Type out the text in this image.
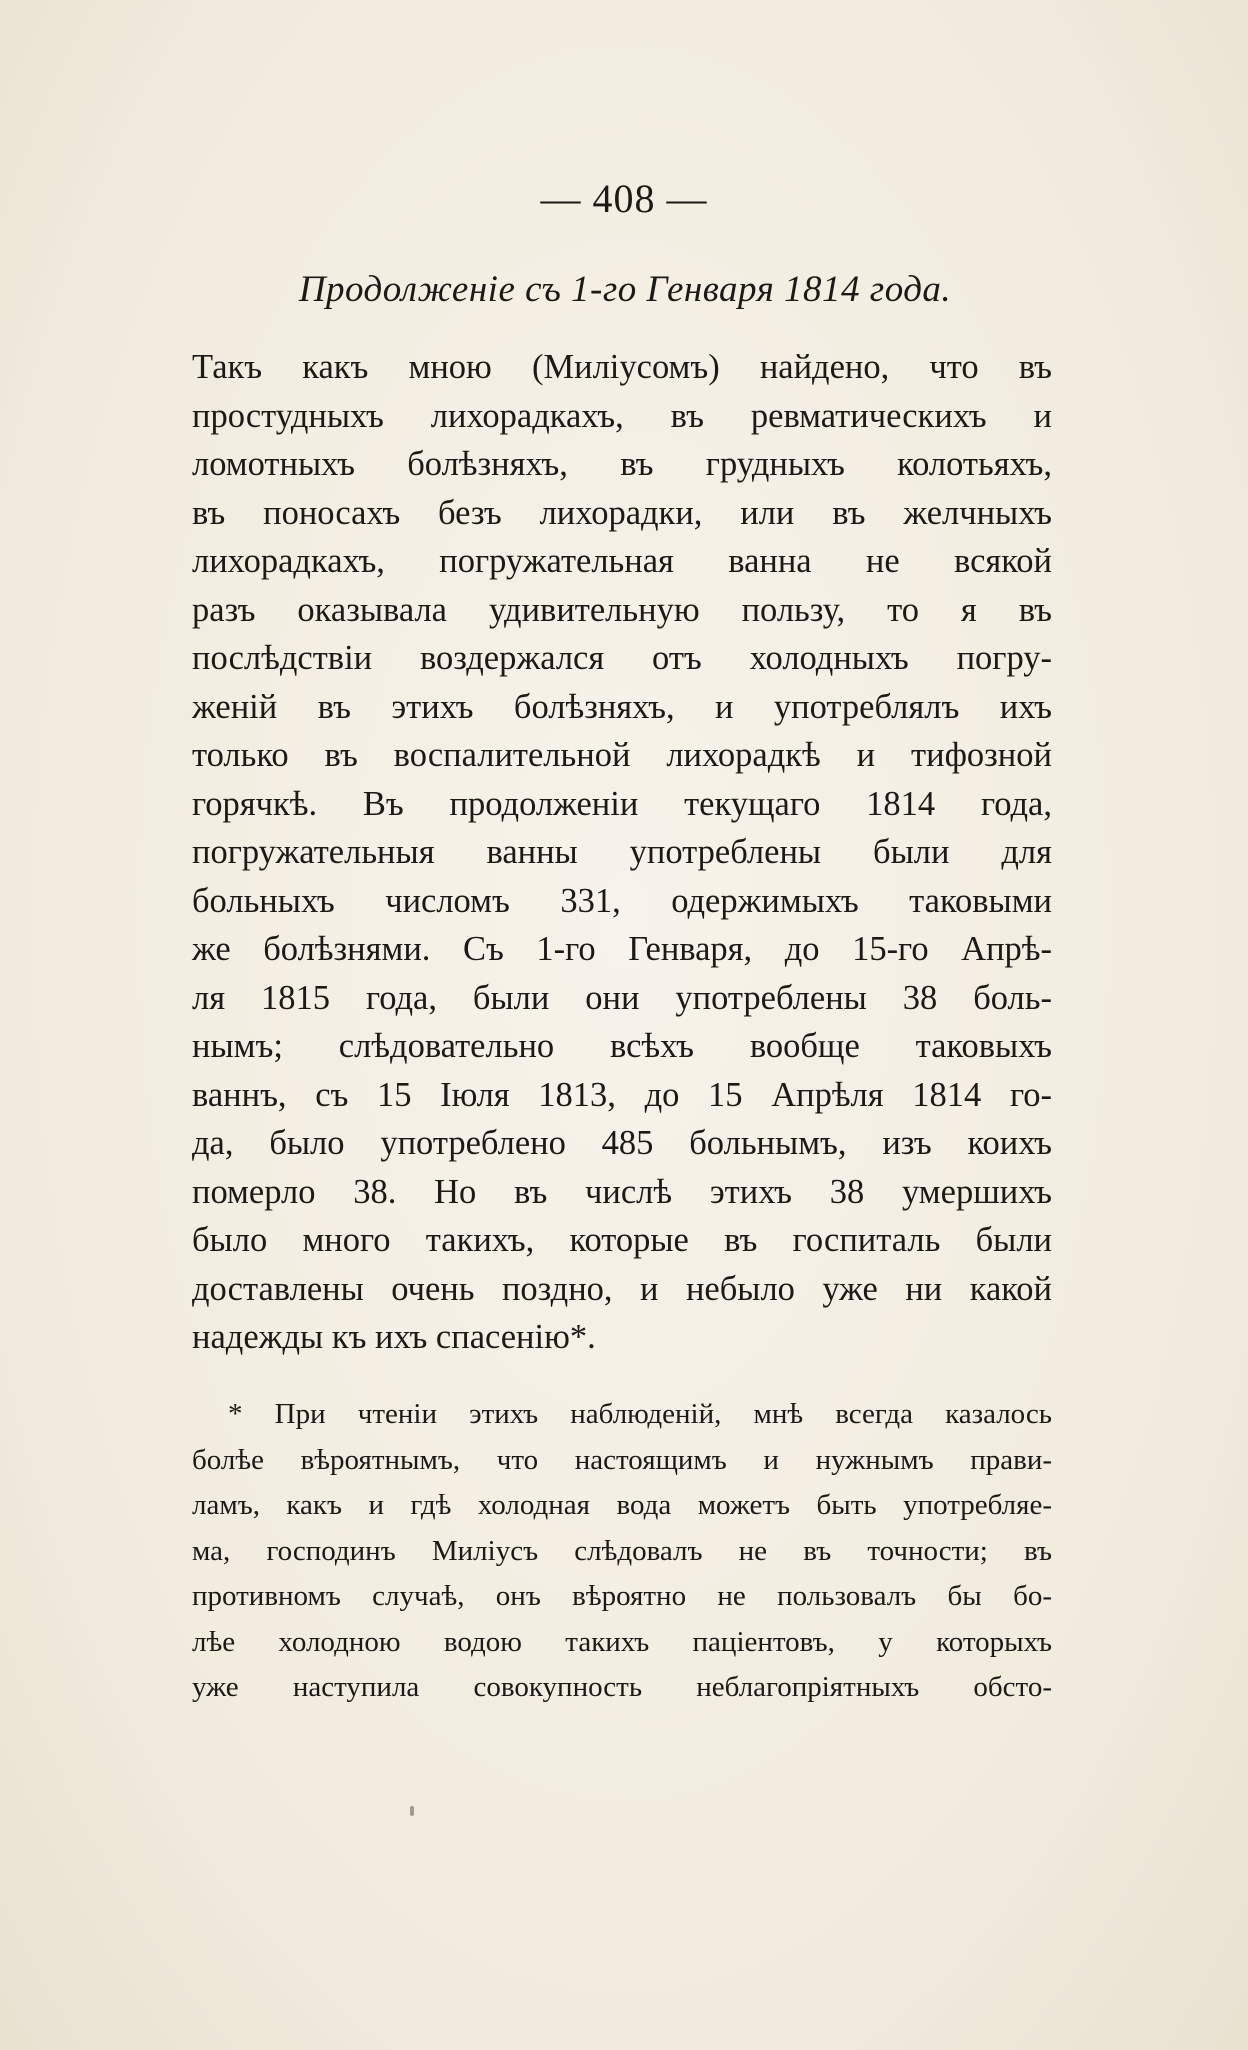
— 408 —
Продолженіе съ 1-го Генваря 1814 года.
Такъ какъ мною (Миліусомъ) найдено, что въ
простудныхъ лихорадкахъ, въ ревматическихъ и
ломотныхъ болѣзняхъ, въ грудныхъ колотьяхъ,
въ поносахъ безъ лихорадки, или въ желчныхъ
лихорадкахъ, погружательная ванна не всякой
разъ оказывала удивительную пользу, то я въ
послѣдствіи воздержался отъ холодныхъ погру-
женій въ этихъ болѣзняхъ, и употреблялъ ихъ
только въ воспалительной лихорадкѣ и тифозной
горячкѣ. Въ продолженіи текущаго 1814 года,
погружательныя ванны употреблены были для
больныхъ числомъ 331, одержимыхъ таковыми
же болѣзнями. Съ 1-го Генваря, до 15-го Апрѣ-
ля 1815 года, были они употреблены 38 боль-
нымъ; слѣдовательно всѣхъ вообще таковыхъ
ваннъ, съ 15 Іюля 1813, до 15 Апрѣля 1814 го-
да, было употреблено 485 больнымъ, изъ коихъ
померло 38. Но въ числѣ этихъ 38 умершихъ
было много такихъ, которые въ госпиталь были
доставлены очень поздно, и небыло уже ни какой
надежды къ ихъ спасенію*.
* При чтеніи этихъ наблюденій, мнѣ всегда казалось
болѣе вѣроятнымъ, что настоящимъ и нужнымъ прави-
ламъ, какъ и гдѣ холодная вода можетъ быть употребляе-
ма, господинъ Миліусъ слѣдовалъ не въ точности; въ
противномъ случаѣ, онъ вѣроятно не пользовалъ бы бо-
лѣе холодною водою такихъ пацiентовъ, у которыхъ
уже наступила совокупность неблагопріятныхъ обсто-
